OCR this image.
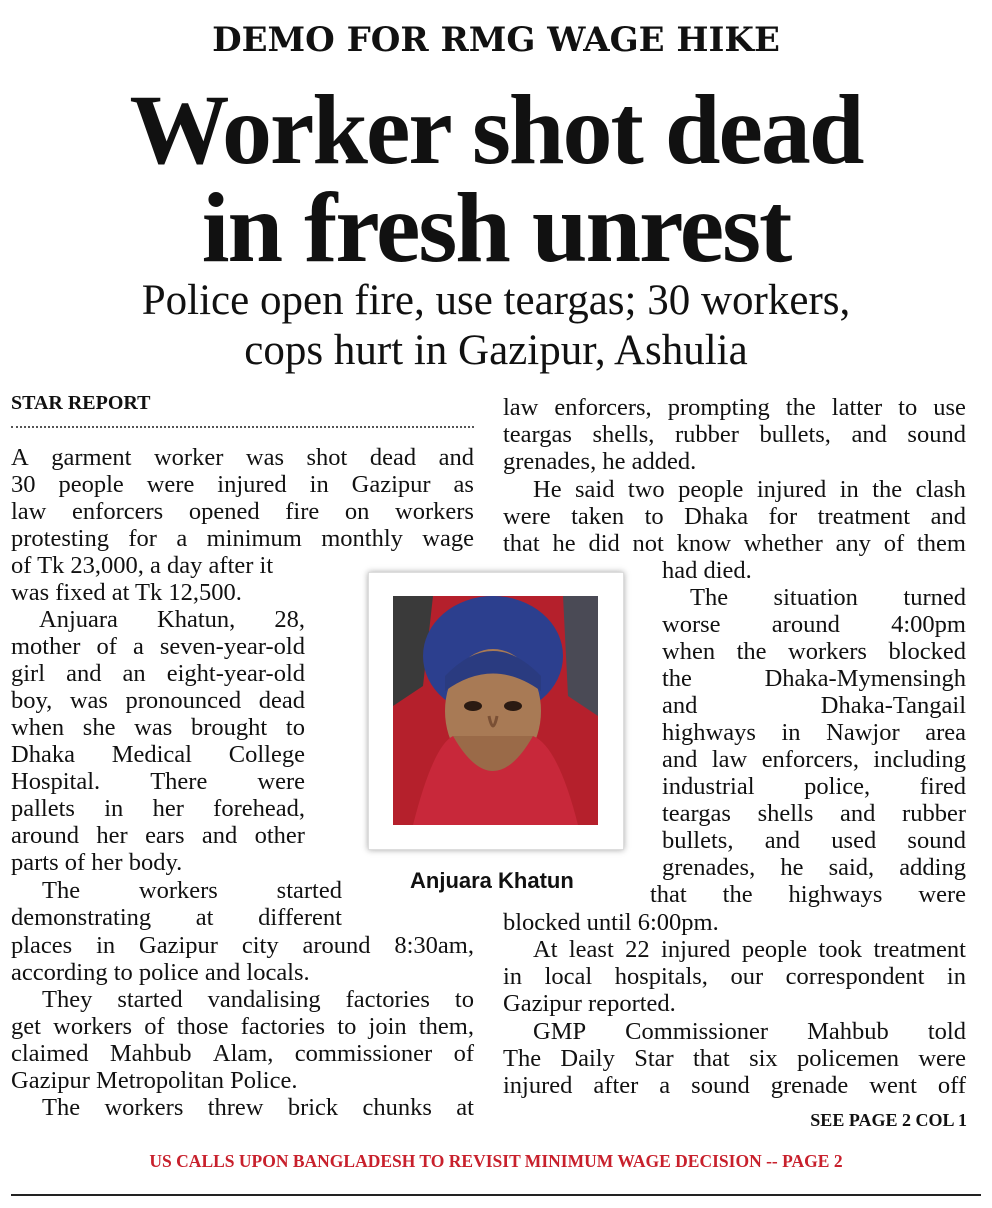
DEMO FOR RMG WAGE HIKE
Worker shot dead
in fresh unrest
Police open fire, use teargas; 30 workers,
cops hurt in Gazipur, Ashulia
STAR REPORT
A garment worker was shot dead and
30 people were injured in Gazipur as
law enforcers opened fire on workers
protesting for a minimum monthly wage
of Tk 23,000, a day after it
was fixed at Tk 12,500.
Anjuara Khatun, 28,
mother of a seven-year-old
girl and an eight-year-old
boy, was pronounced dead
when she was brought to
Dhaka Medical College
Hospital. There were
pallets in her forehead,
around her ears and other
parts of her body.
The workers started
demonstrating at different
places in Gazipur city around 8:30am,
according to police and locals.
They started vandalising factories to
get workers of those factories to join them,
claimed Mahbub Alam, commissioner of
Gazipur Metropolitan Police.
The workers threw brick chunks at
law enforcers, prompting the latter to use
teargas shells, rubber bullets, and sound
grenades, he added.
He said two people injured in the clash
were taken to Dhaka for treatment and
that he did not know whether any of them
had died.
The situation turned
worse around 4:00pm
when the workers blocked
the	Dhaka-Mymensingh
and	Dhaka-Tangail
highways in Nawjor area
and law enforcers, including
industrial police, fired
teargas shells and rubber
bullets, and used sound
grenades, he said, adding
that the highways were
blocked until 6:00pm.
At least 22 injured people took treatment
in local hospitals, our correspondent in
Gazipur reported.
GMP Commissioner Mahbub told
The Daily Star that six policemen were
injured after a sound grenade went off
Anjuara Khatun
SEE PAGE 2 COL 1
US CALLS UPON BANGLADESH TO REVISIT MINIMUM WAGE DECISION -- PAGE 2
